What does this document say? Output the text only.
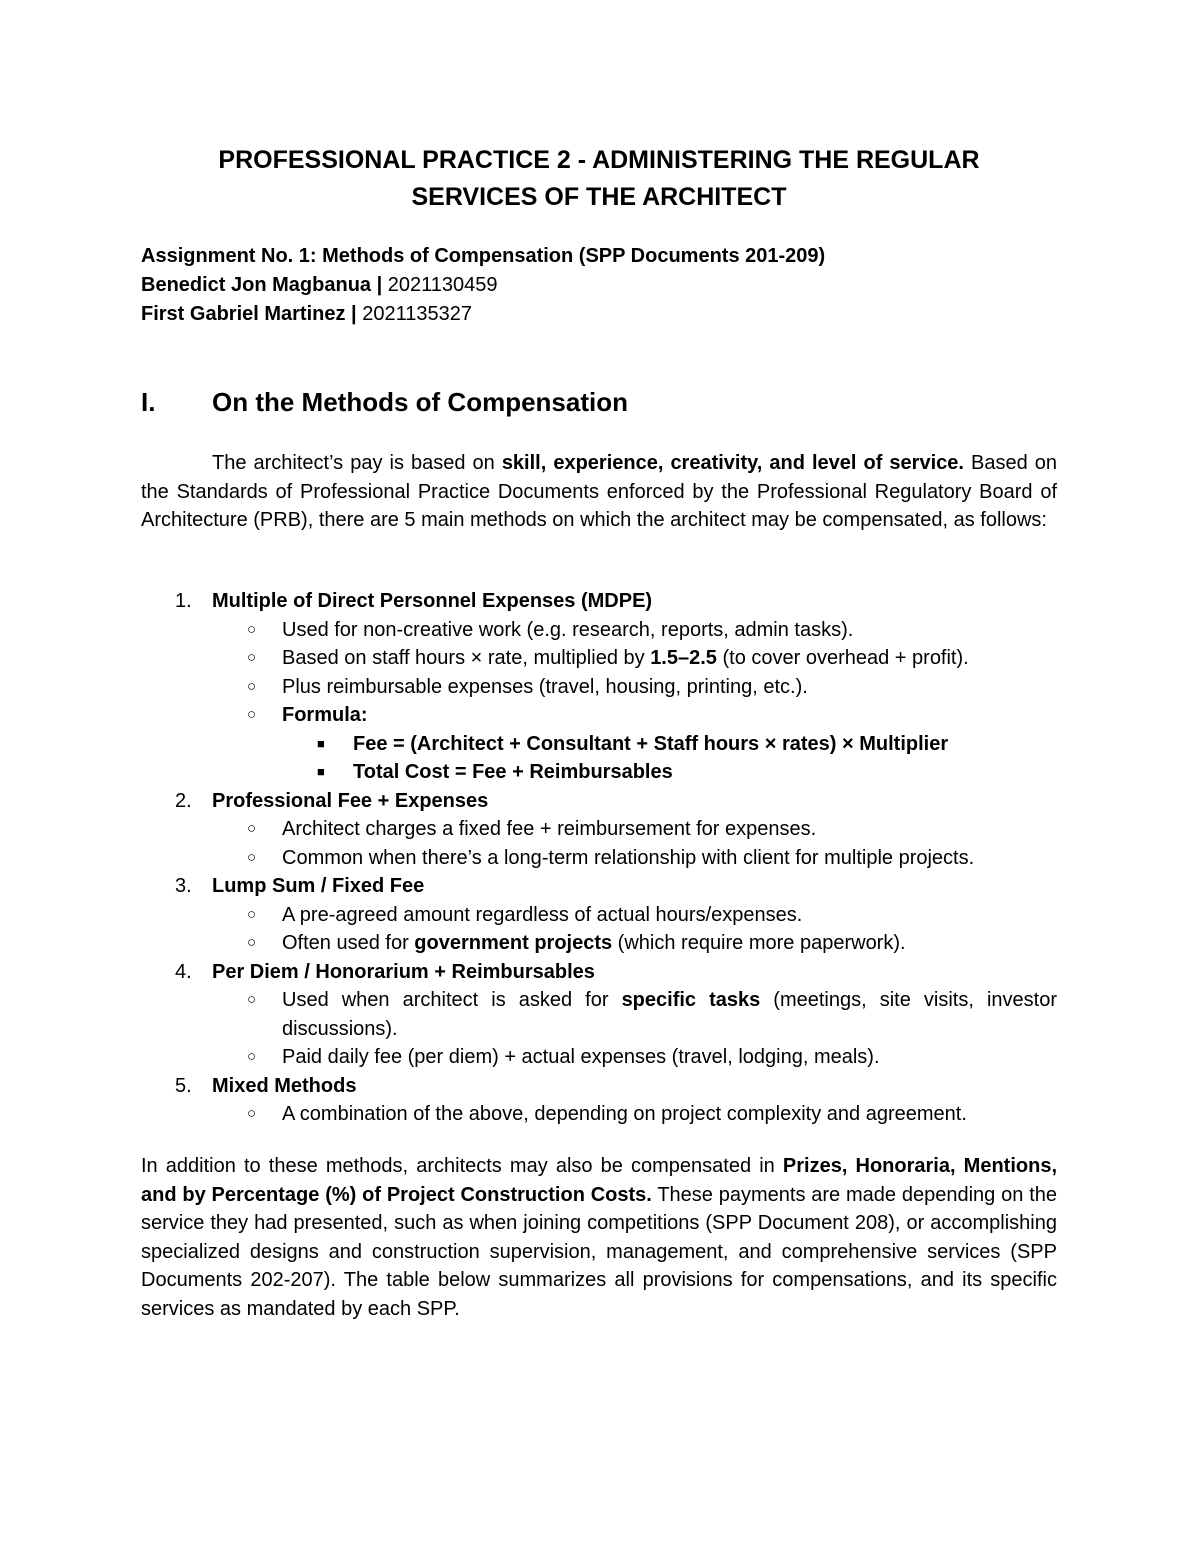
PROFESSIONAL PRACTICE 2 - ADMINISTERING THE REGULAR
SERVICES OF THE ARCHITECT
Assignment No. 1: Methods of Compensation (SPP Documents 201-209)
Benedict Jon Magbanua | 2021130459
First Gabriel Martinez | 2021135327
I. On the Methods of Compensation

The architect’s pay is based on skill, experience, creativity, and level of service. Based on the Standards of Professional Practice Documents enforced by the Professional Regulatory Board of Architecture (PRB), there are 5 main methods on which the architect may be compensated, as follows:

1. Multiple of Direct Personnel Expenses (MDPE)
○ Used for non-creative work (e.g. research, reports, admin tasks).
○ Based on staff hours × rate, multiplied by 1.5–2.5 (to cover overhead + profit).
○ Plus reimbursable expenses (travel, housing, printing, etc.).
○ Formula:
■ Fee = (Architect + Consultant + Staff hours × rates) × Multiplier
■ Total Cost = Fee + Reimbursables
2. Professional Fee + Expenses
○ Architect charges a fixed fee + reimbursement for expenses.
○ Common when there’s a long-term relationship with client for multiple projects.
3. Lump Sum / Fixed Fee
○ A pre-agreed amount regardless of actual hours/expenses.
○ Often used for government projects (which require more paperwork).
4. Per Diem / Honorarium + Reimbursables
○ Used when architect is asked for specific tasks (meetings, site visits, investor discussions).

○ Paid daily fee (per diem) + actual expenses (travel, lodging, meals).
5. Mixed Methods
○ A combination of the above, depending on project complexity and agreement.

In addition to these methods, architects may also be compensated in Prizes, Honoraria, Mentions, and by Percentage (%) of Project Construction Costs. These payments are made depending on the service they had presented, such as when joining competitions (SPP Document 208), or accomplishing specialized designs and construction supervision, management, and comprehensive services (SPP Documents 202-207). The table below summarizes all provisions for compensations, and its specific services as mandated by each SPP.
